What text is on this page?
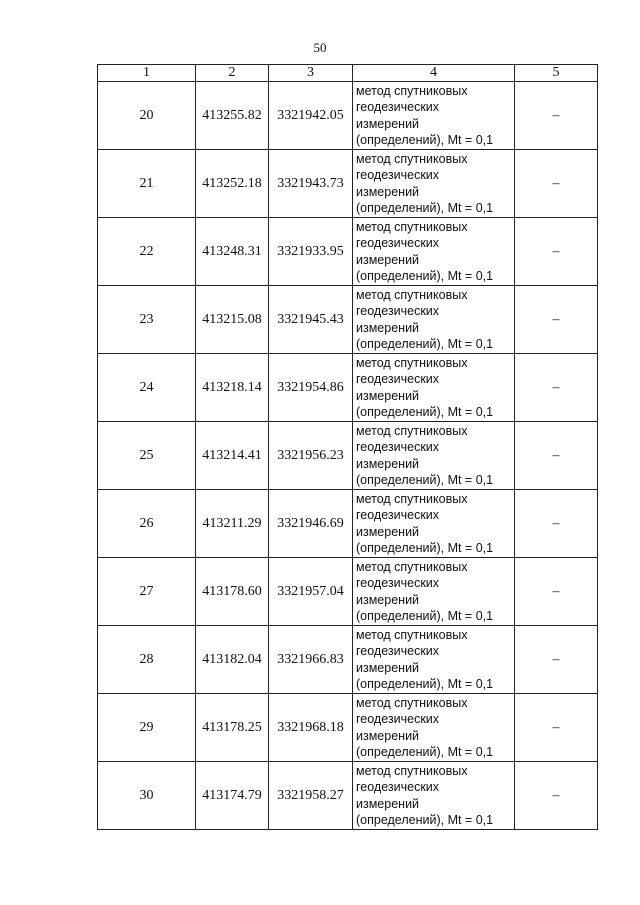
50
1	2	3	4	5
20	413255.82	3321942.05	метод спутниковых
геодезических
измерений
(определений), Mt = 0,1	–
21	413252.18	3321943.73	метод спутниковых
геодезических
измерений
(определений), Mt = 0,1	–
22	413248.31	3321933.95	метод спутниковых
геодезических
измерений
(определений), Mt = 0,1	–
23	413215.08	3321945.43	метод спутниковых
геодезических
измерений
(определений), Mt = 0,1	–
24	413218.14	3321954.86	метод спутниковых
геодезических
измерений
(определений), Mt = 0,1	–
25	413214.41	3321956.23	метод спутниковых
геодезических
измерений
(определений), Mt = 0,1	–
26	413211.29	3321946.69	метод спутниковых
геодезических
измерений
(определений), Mt = 0,1	–
27	413178.60	3321957.04	метод спутниковых
геодезических
измерений
(определений), Mt = 0,1	–
28	413182.04	3321966.83	метод спутниковых
геодезических
измерений
(определений), Mt = 0,1	–
29	413178.25	3321968.18	метод спутниковых
геодезических
измерений
(определений), Mt = 0,1	–
30	413174.79	3321958.27	метод спутниковых
геодезических
измерений
(определений), Mt = 0,1	–
